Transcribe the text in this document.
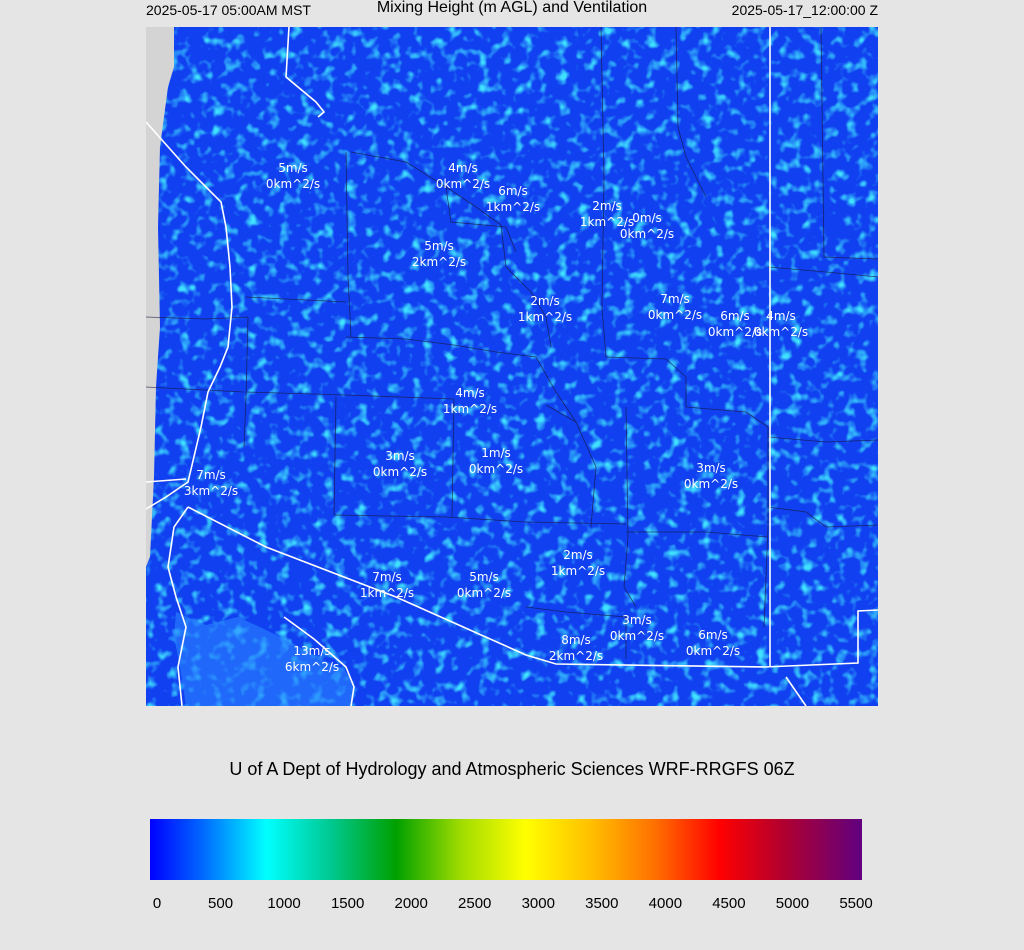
2025-05-17 05:00AM MST	Mixing Height (m AGL) and Ventilation	2025-05-17_12:00:00 Z
5m/s
0km^2/s
4m/s
0km^2/s 6m/s
1km^2/s	2m/s
1km^2/s
0m/s
0km^2/s
5m/s
2km^2/s
2m/s
1km^2/s
7m/s
0km^2/s 6m/s
0km^2/s
4m/s
0km^2/s
4m/s
1km^2/s
3m/s
0km^2/s
1m/s
0km^2/s
7m/s
3km^2/s
3m/s
0km^2/s
2m/s
1km^2/s
7m/s
1km^2/s
5m/s
0km^2/s
3m/s
0km^2/s
8m/s
2km^2/s
6m/s
0km^2/s
13m/s
6km^2/s
U of A Dept of Hydrology and Atmospheric Sciences WRF-RRGFS 06Z
0	500 1000 1500 2000 2500 3000 3500 4000 4500 5000 5500
